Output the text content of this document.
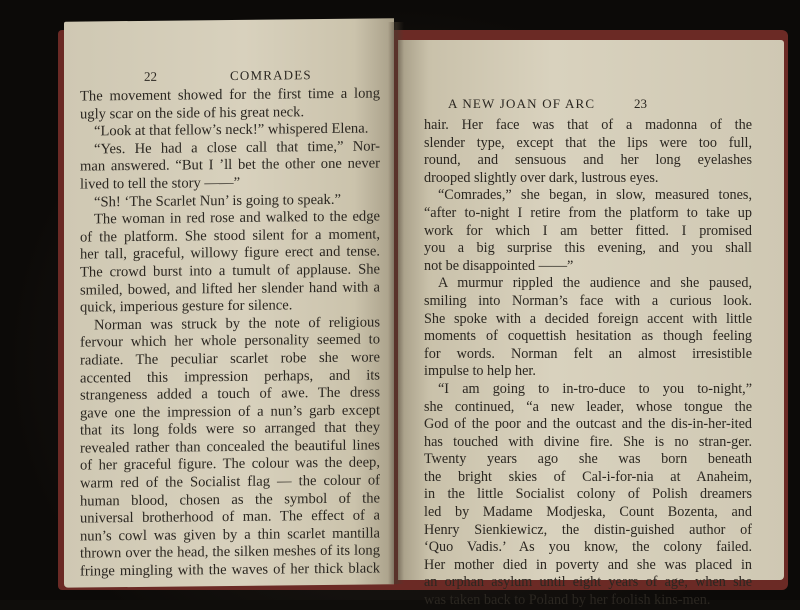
22	COMRADES
The movement showed for the first time a long
ugly scar on the side of his great neck.
“Look at that fellow’s neck!” whispered Elena.
“Yes. He had a close call that time,” Nor-
man answered. “But I ’ll bet the other one never
lived to tell the story ——”
“Sh! ‘The Scarlet Nun’ is going to speak.”
The woman in red rose and walked to the edge
of the platform. She stood silent for a moment,
her tall, graceful, willowy figure erect and tense.
The crowd burst into a tumult of applause. She
smiled, bowed, and lifted her slender hand with a
quick, imperious gesture for silence.
Norman was struck by the note of religious
fervour which her whole personality seemed to
radiate. The peculiar scarlet robe she wore
accented this impression perhaps, and its
strangeness added a touch of awe. The dress
gave one the impression of a nun’s garb except
that its long folds were so arranged that they
revealed rather than concealed the beautiful lines
of her graceful figure. The colour was the deep,
warm red of the Socialist flag — the colour of
human blood, chosen as the symbol of the
universal brotherhood of man. The effect of a
nun’s cowl was given by a thin scarlet mantilla
thrown over the head, the silken meshes of its long
fringe mingling with the waves of her thick black
A NEW JOAN OF ARC	23
hair. Her face was that of a madonna of the
slender type, except that the lips were too full,
round, and sensuous and her long eyelashes
drooped slightly over dark, lustrous eyes.
“Comrades,” she began, in slow, measured tones,
“after to-night I retire from the platform to take up
work for which I am better fitted. I promised
you a big surprise this evening, and you shall
not be disappointed ——”
A murmur rippled the audience and she paused,
smiling into Norman’s face with a curious look.
She spoke with a decided foreign accent with little
moments of coquettish hesitation as though feeling
for words. Norman felt an almost irresistible
impulse to help her.
“I am going to in-tro-duce to you to-night,”
she continued, “a new leader, whose tongue the
God of the poor and the outcast and the dis-in-her-ited
has touched with divine fire. She is no stran-ger.
Twenty years ago she was born beneath
the bright skies of Cal-i-for-nia at Anaheim,
in the little Socialist colony of Polish dreamers
led by Madame Modjeska, Count Bozenta, and
Henry Sienkiewicz, the distin-guished author of
‘Quo Vadis.’ As you know, the colony failed.
Her mother died in poverty and she was placed in
an orphan asylum until eight years of age, when she
was taken back to Poland by her foolish kins-men.
